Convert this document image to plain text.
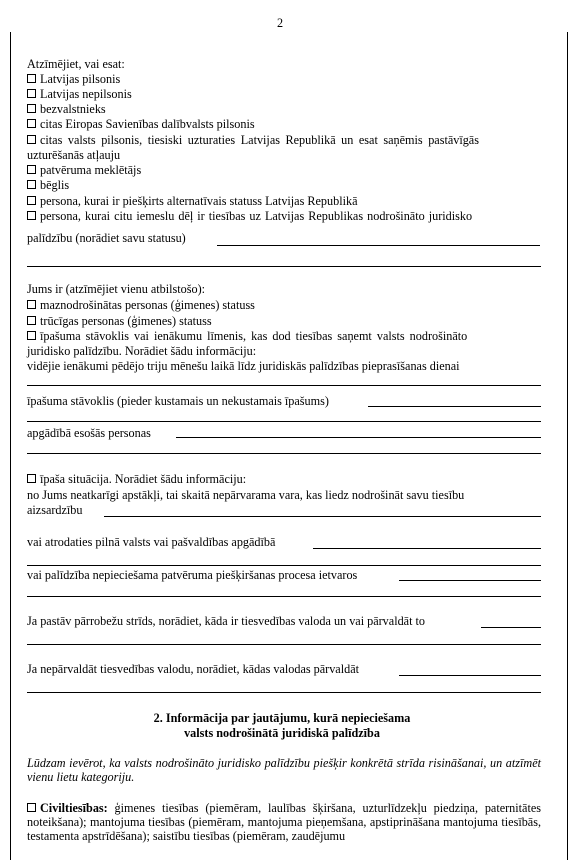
2
Atzīmējiet, vai esat:
Latvijas pilsonis
Latvijas nepilsonis
bezvalstnieks
citas Eiropas Savienības dalībvalsts pilsonis
citas valsts pilsonis, tiesiski uzturaties Latvijas Republikā un esat saņēmis pastāvīgās
uzturēšanās atļauju
patvēruma meklētājs
bēglis
persona, kurai ir piešķirts alternatīvais statuss Latvijas Republikā
persona, kurai citu iemeslu dēļ ir tiesības uz Latvijas Republikas nodrošināto juridisko
palīdzību (norādiet savu statusu)
Jums ir (atzīmējiet vienu atbilstošo):
maznodrošinātas personas (ģimenes) statuss
trūcīgas personas (ģimenes) statuss
īpašuma stāvoklis vai ienākumu līmenis, kas dod tiesības saņemt valsts nodrošināto
juridisko palīdzību. Norādiet šādu informāciju:
vidējie ienākumi pēdējo triju mēnešu laikā līdz juridiskās palīdzības pieprasīšanas dienai
īpašuma stāvoklis (pieder kustamais un nekustamais īpašums)
apgādībā esošās personas
īpaša situācija. Norādiet šādu informāciju:
no Jums neatkarīgi apstākļi, tai skaitā nepārvarama vara, kas liedz nodrošināt savu tiesību
aizsardzību
vai atrodaties pilnā valsts vai pašvaldības apgādībā
vai palīdzība nepieciešama patvēruma piešķiršanas procesa ietvaros
Ja pastāv pārrobežu strīds, norādiet, kāda ir tiesvedības valoda un vai pārvaldāt to
Ja nepārvaldāt tiesvedības valodu, norādiet, kādas valodas pārvaldāt
2. Informācija par jautājumu, kurā nepieciešama
valsts nodrošinātā juridiskā palīdzība
Lūdzam ievērot, ka valsts nodrošināto juridisko palīdzību piešķir konkrētā strīda risināšanai, un atzīmēt vienu lietu kategoriju.
Civiltiesības: ģimenes tiesības (piemēram, laulības šķiršana, uzturlīdzekļu piedziņa, paternitātes noteikšana); mantojuma tiesības (piemēram, mantojuma pieņemšana, apstiprināšana mantojuma tiesībās, testamenta apstrīdēšana); saistību tiesības (piemēram, zaudējumu
